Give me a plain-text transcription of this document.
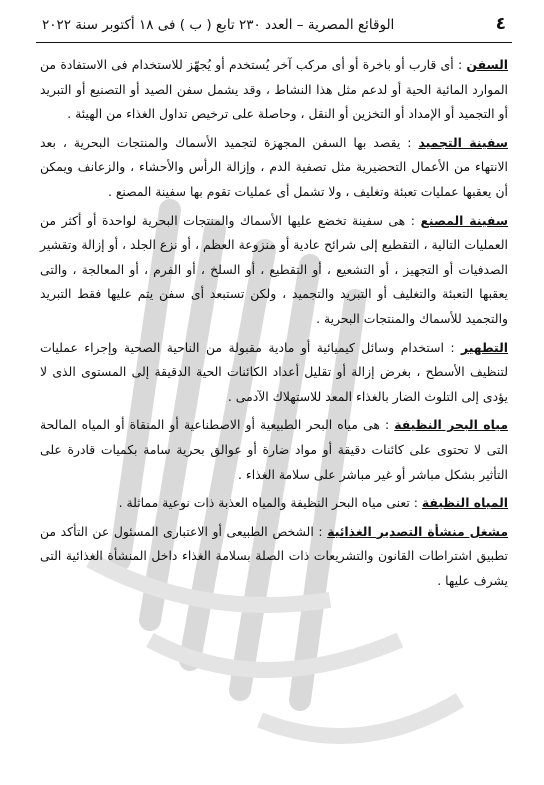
٤
الوقائع المصرية – العدد ٢٣٠ تابع ( ب ) فى ١٨ أكتوبر سنة ٢٠٢٢

السفن : أى قارب أو باخرة أو أى مركب آخر يُستخدم أو يُجهّز للاستخدام فى الاستفادة من الموارد المائية الحية أو لدعم مثل هذا النشاط ، وقد يشمل سفن الصيد أو التصنيع أو التبريد أو التجميد أو الإمداد أو التخزين أو النقل ، وحاصلة على ترخيص تداول الغذاء من الهيئة .

سفينة التجميد : يقصد بها السفن المجهزة لتجميد الأسماك والمنتجات البحرية ، بعد الانتهاء من الأعمال التحضيرية مثل تصفية الدم ، وإزالة الرأس والأحشاء ، والزعانف ويمكن أن يعقبها عمليات تعبئة وتغليف ، ولا تشمل أى عمليات تقوم بها سفينة المصنع .

سفينة المصنع : هى سفينة تخضع عليها الأسماك والمنتجات البحرية لواحدة أو أكثر من العمليات التالية ، التقطيع إلى شرائح عادية أو منزوعة العظم ، أو نزع الجلد ، أو إزالة وتقشير الصدفيات أو التجهيز ، أو التشعيع ، أو التقطيع ، أو السلخ ، أو الفرم ، أو المعالجة ، والتى يعقبها التعبئة والتغليف أو التبريد والتجميد ، ولكن تستبعد أى سفن يتم عليها فقط التبريد والتجميد للأسماك والمنتجات البحرية .

التطهير : استخدام وسائل كيميائية أو مادية مقبولة من الناحية الصحية وإجراء عمليات لتنظيف الأسطح ، بغرض إزالة أو تقليل أعداد الكائنات الحية الدقيقة إلى المستوى الذى لا يؤدى إلى التلوث الضار بالغذاء المعد للاستهلاك الآدمى .

مياه البحر النظيفة : هى مياه البحر الطبيعية أو الاصطناعية أو المنقاة أو المياه المالحة التى لا تحتوى على كائنات دقيقة أو مواد ضارة أو عوالق بحرية سامة بكميات قادرة على التأثير بشكل مباشر أو غير مباشر على سلامة الغذاء .

المياه النظيفة : تعنى مياه البحر النظيفة والمياه العذبة ذات نوعية مماثلة .

مشغل منشأة التصدير الغذائية : الشخص الطبيعى أو الاعتبارى المسئول عن التأكد من تطبيق اشتراطات القانون والتشريعات ذات الصلة بسلامة الغذاء داخل المنشأة الغذائية التى يشرف عليها .
